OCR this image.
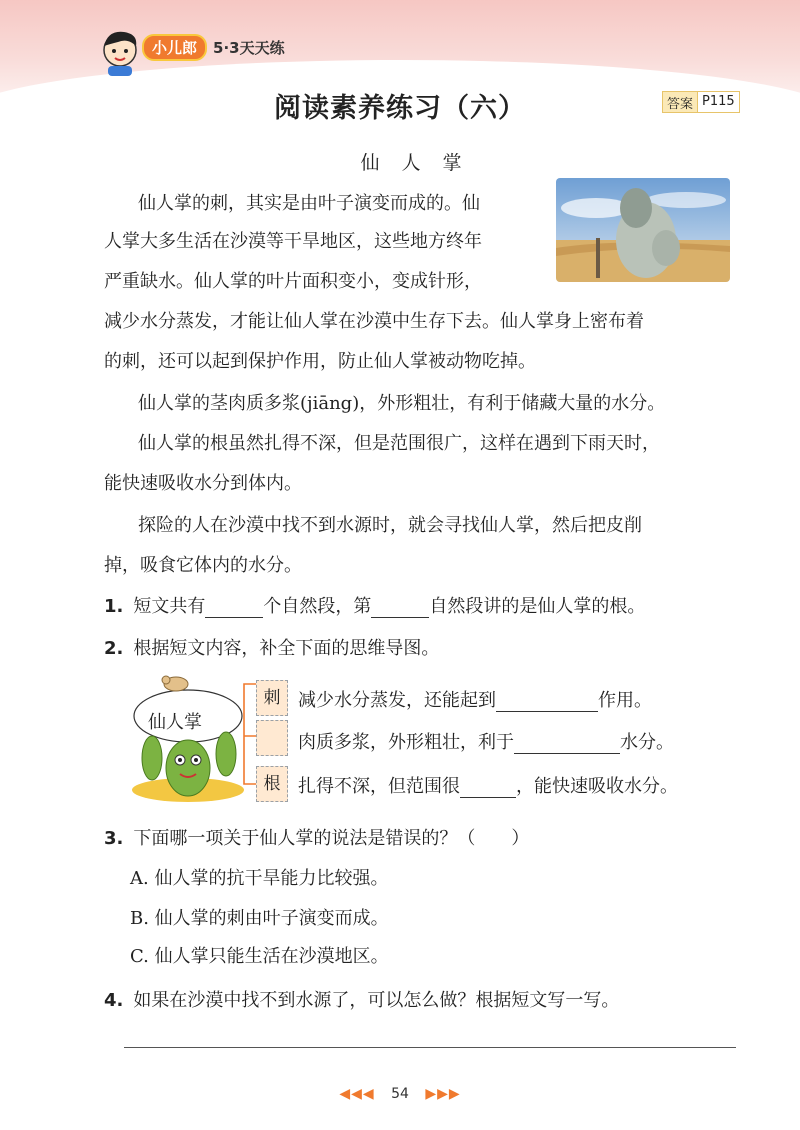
小儿郎	5·3天天练
阅读素养练习（六）	答案 P115
仙人掌
仙人掌的刺，其实是由叶子演变而成的。仙
人掌大多生活在沙漠等干旱地区，这些地方终年
严重缺水。仙人掌的叶片面积变小，变成针形，
减少水分蒸发，才能让仙人掌在沙漠中生存下去。仙人掌身上密布着
的刺，还可以起到保护作用，防止仙人掌被动物吃掉。
仙人掌的茎肉质多浆(jiāng)，外形粗壮，有利于储藏大量的水分。
仙人掌的根虽然扎得不深，但是范围很广，这样在遇到下雨天时，
能快速吸收水分到体内。
探险的人在沙漠中找不到水源时，就会寻找仙人掌，然后把皮削
掉，吸食它体内的水分。
1. 短文共有	个自然段，第	自然段讲的是仙人掌的根。
2. 根据短文内容，补全下面的思维导图。
仙人掌
刺 减少水分蒸发，还能起到	作用。
肉质多浆，外形粗壮，利于	水分。
根 扎得不深，但范围很	，能快速吸收水分。
3. 下面哪一项关于仙人掌的说法是错误的？（　　）
A. 仙人掌的抗干旱能力比较强。
B. 仙人掌的刺由叶子演变而成。
C. 仙人掌只能生活在沙漠地区。
4. 如果在沙漠中找不到水源了，可以怎么做？根据短文写一写。
◀◀◀ 54 ▶▶▶
